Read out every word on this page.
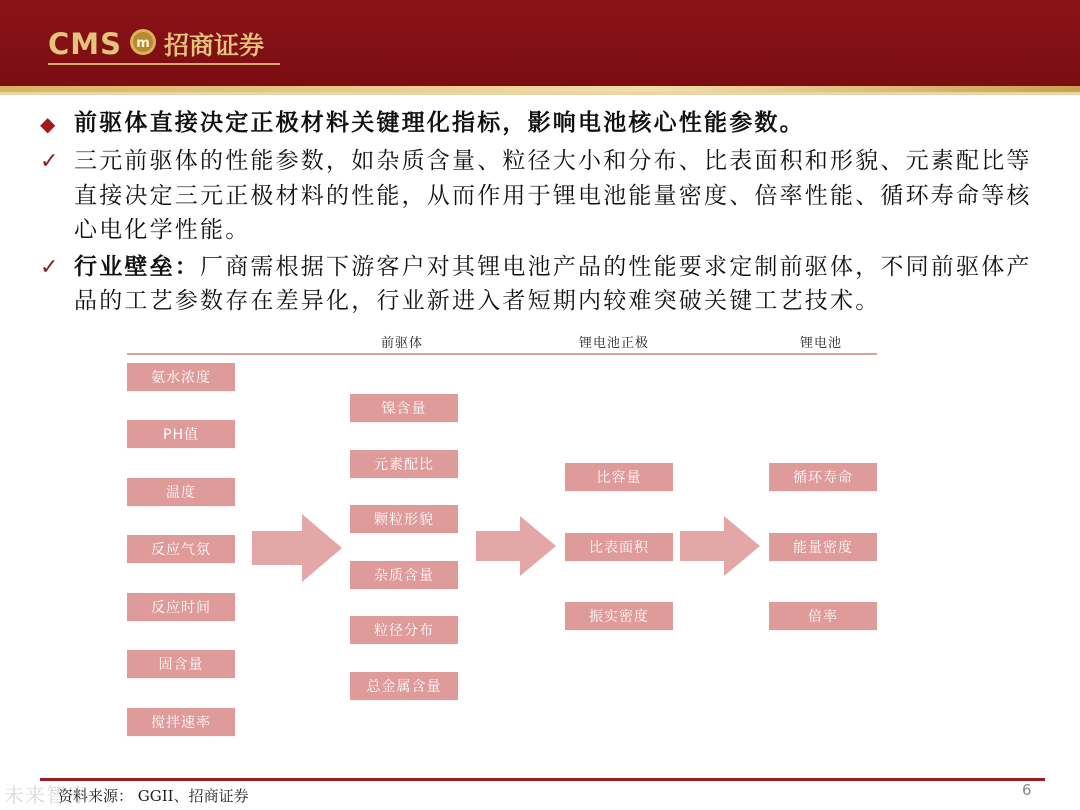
CMS m 招商证券
◆ 前驱体直接决定正极材料关键理化指标，影响电池核心性能参数。
✓ 三元前驱体的性能参数，如杂质含量、粒径大小和分布、比表面积和形貌、元素配比等直接决定三元正极材料的性能，从而作用于锂电池能量密度、倍率性能、循环寿命等核心电化学性能。
✓ 行业壁垒：厂商需根据下游客户对其锂电池产品的性能要求定制前驱体，不同前驱体产品的工艺参数存在差异化，行业新进入者短期内较难突破关键工艺技术。
前驱体	锂电池正极	锂电池
氨水浓度
PH值
温度
反应气氛
反应时间
固含量
搅拌速率
镍含量
元素配比
颗粒形貌
杂质含量
粒径分布
总金属含量
比容量
比表面积
振实密度
循环寿命
能量密度
倍率
未来智库
资料来源： GGII、招商证券	6
